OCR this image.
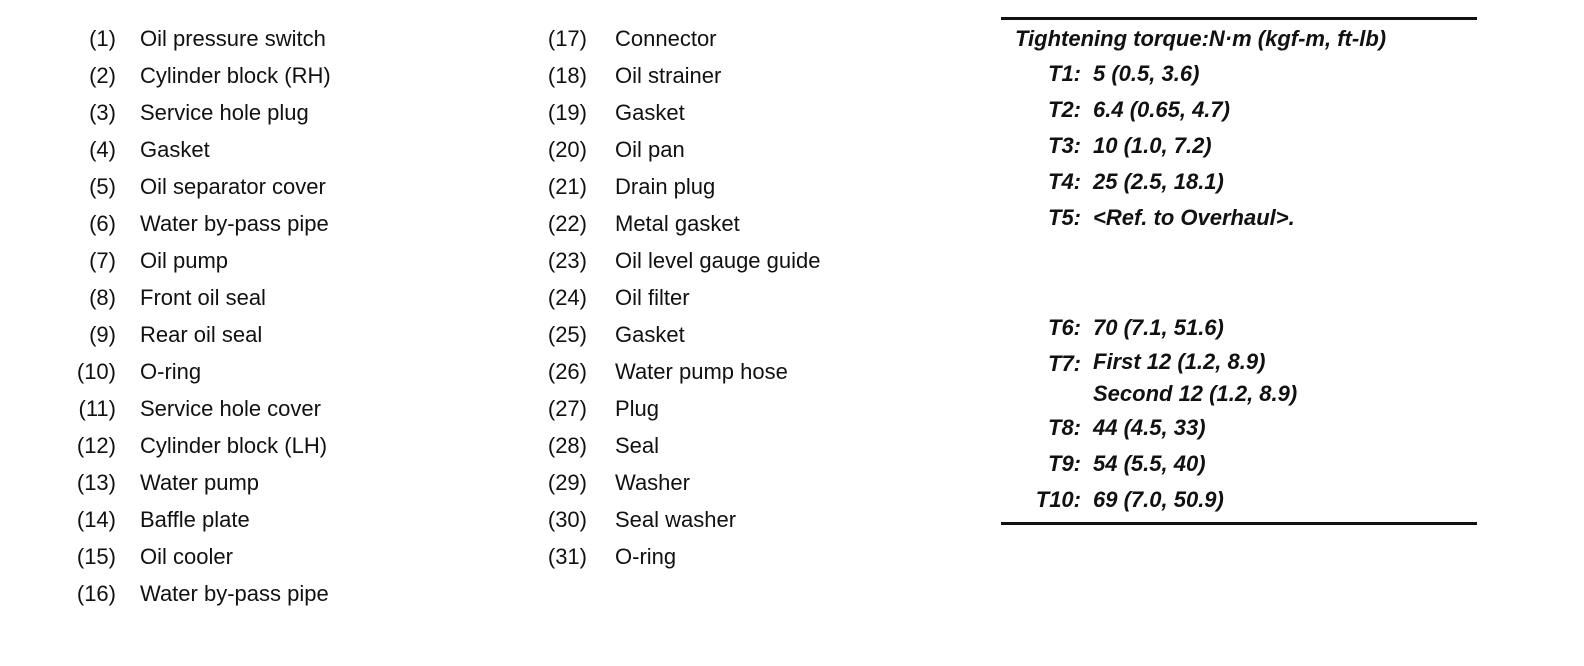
(1) Oil pressure switch
(2) Cylinder block (RH)
(3) Service hole plug
(4) Gasket
(5) Oil separator cover
(6) Water by-pass pipe
(7) Oil pump
(8) Front oil seal
(9) Rear oil seal
(10) O-ring
(11) Service hole cover
(12) Cylinder block (LH)
(13) Water pump
(14) Baffle plate
(15) Oil cooler
(16) Water by-pass pipe
(17) Connector
(18) Oil strainer
(19) Gasket
(20) Oil pan
(21) Drain plug
(22) Metal gasket
(23) Oil level gauge guide
(24) Oil filter
(25) Gasket
(26) Water pump hose
(27) Plug
(28) Seal
(29) Washer
(30) Seal washer
(31) O-ring
Tightening torque:N·m (kgf-m, ft-lb)
T1: 5 (0.5, 3.6)
T2: 6.4 (0.65, 4.7)
T3: 10 (1.0, 7.2)
T4: 25 (2.5, 18.1)
T5: <Ref. to Overhaul>.
T6: 70 (7.1, 51.6)
T7: First 12 (1.2, 8.9)
Second 12 (1.2, 8.9)
T8: 44 (4.5, 33)
T9: 54 (5.5, 40)
T10: 69 (7.0, 50.9)
